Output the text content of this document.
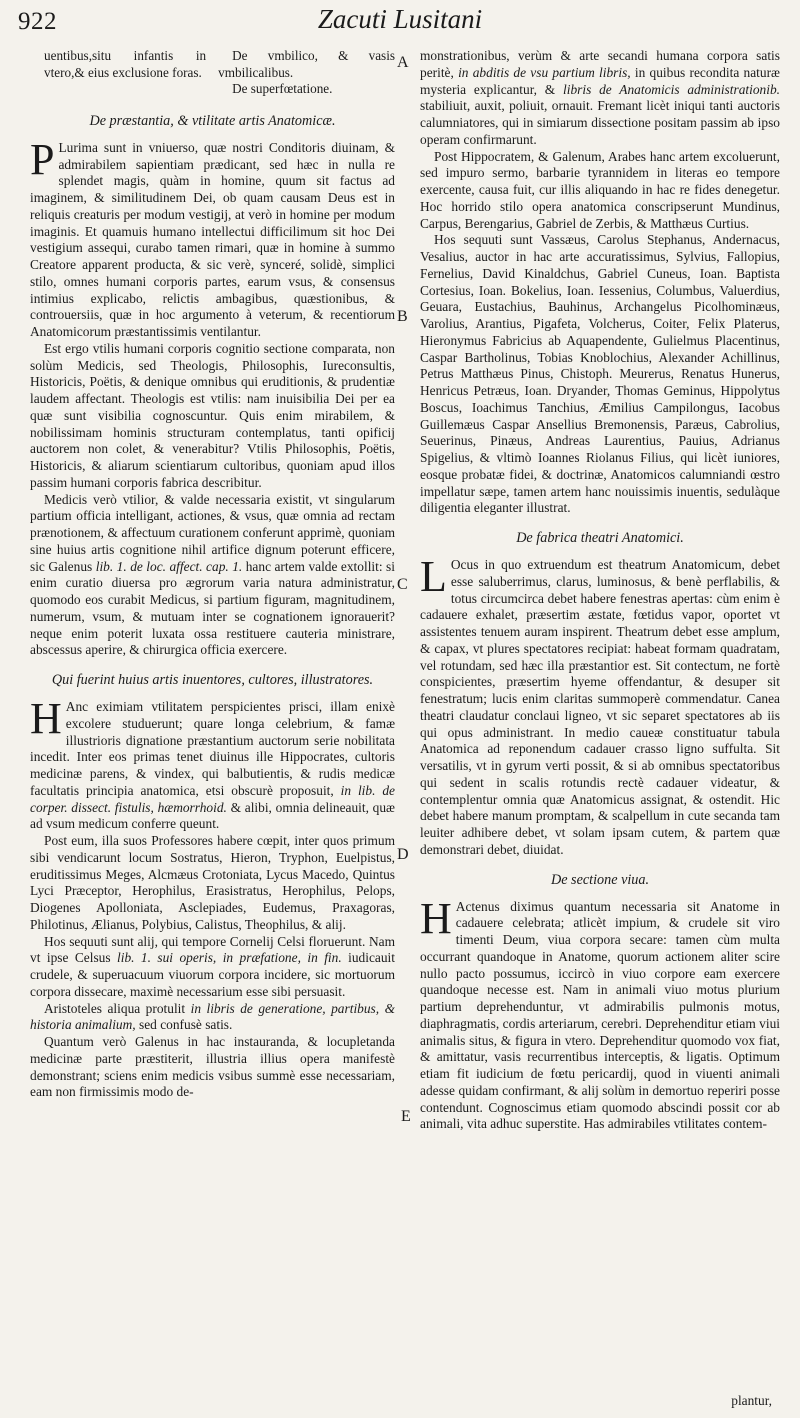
922	Zacuti Lusitani
A
B
C
D
E
uentibus,situ infantis in vtero,& eius exclusione foras.

De vmbilico, & vasis vmbilicalibus.

De superfœtatione.

De præstantia, & vtilitate artis Anatomicæ.

P Lurima sunt in vniuerso, quæ nostri Conditoris diuinam, & admirabilem sapientiam prædicant, sed hæc in nulla re splendet magis, quàm in homine, quum sit factus ad imaginem, & similitudinem Dei, ob quam causam Deus est in reliquis creaturis per modum vestigij, at verò in homine per modum imaginis. Et quamuis humano intellectui difficilimum sit hoc Dei vestigium assequi, curabo tamen rimari, quæ in homine à summo Creatore apparent producta, & sic verè, synceré, solidè, simplici stilo, omnes humani corporis partes, earum vsus, & consensus intimius explicabo, relictis ambagibus, quæstionibus, & controuersiis, quæ in hoc argumento à veterum, & recentiorum Anatomicorum præstantissimis ventilantur.

Est ergo vtilis humani corporis cognitio sectione comparata, non solùm Medicis, sed Theologis, Philosophis, Iureconsultis, Historicis, Poëtis, & denique omnibus qui eruditionis, & prudentiæ laudem affectant. Theologis est vtilis: nam inuisibilia Dei per ea quæ sunt visibilia cognoscuntur. Quis enim mirabilem, & nobilissimam hominis structuram contemplatus, tanti opificij auctorem non colet, & venerabitur? Vtilis Philosophis, Poëtis, Historicis, & aliarum scientiarum cultoribus, quoniam apud illos passim humani corporis fabrica describitur.

Medicis verò vtilior, & valde necessaria existit, vt singularum partium officia intelligant, actiones, & vsus, quæ omnia ad rectam prænotionem, & affectuum curationem conferunt apprimè, quoniam sine huius artis cognitione nihil artifice dignum poterunt efficere, sic Galenus lib. 1. de loc. affect. cap. 1. hanc artem valde extollit: si enim curatio diuersa pro ægrorum varia natura administratur, quomodo eos curabit Medicus, si partium figuram, magnitudinem, numerum, vsum, & mutuam inter se cognationem ignorauerit? neque enim poterit luxata ossa restituere cauteria ministrare, abscessus aperire, & chirurgica officia exercere.

Qui fuerint huius artis inuentores, cultores, illustratores.

H Anc eximiam vtilitatem perspicientes prisci, illam enixè excolere studuerunt; quare longa celebrium, & famæ illustrioris dignatione præstantium auctorum serie nobilitata incedit. Inter eos primas tenet diuinus ille Hippocrates, cultoris medicinæ parens, & vindex, qui balbutientis, & rudis medicæ facultatis principia anatomica, etsi obscurè proposuit, in lib. de corper. dissect. fistulis, hæmorrhoid. & alibi, omnia delineauit, quæ ad vsum medicum conferre queunt.

Post eum, illa suos Professores habere cœpit, inter quos primum sibi vendicarunt locum Sostratus, Hieron, Tryphon, Euelpistus, eruditissimus Meges, Alcmæus Crotoniata, Lycus Macedo, Quintus Lyci Præceptor, Herophilus, Erasistratus, Herophilus, Pelops, Diogenes Apolloniata, Asclepiades, Eudemus, Praxagoras, Philotinus, Ælianus, Polybius, Calistus, Theophilus, & alij.

Hos sequuti sunt alij, qui tempore Cornelij Celsi floruerunt. Nam vt ipse Celsus lib. 1. sui operis, in præfatione, in fin. iudicauit crudele, & superuacuum viuorum corpora incidere, sic mortuorum corpora dissecare, maximè necessarium esse sibi persuasit.

Aristoteles aliqua protulit in libris de generatione, partibus, & historia animalium, sed confusè satis.

Quantum verò Galenus in hac instauranda, & locupletanda medicinæ parte præstiterit, illustria illius opera manifestè demonstrant; sciens enim medicis vsibus summè esse necessariam, eam non firmissimis modo de-

monstrationibus, verùm & arte secandi humana corpora satis peritè, in abditis de vsu partium libris, in quibus recondita naturæ mysteria explicantur, & libris de Anatomicis administrationib. stabiliuit, auxit, poliuit, ornauit. Fremant licèt iniqui tanti auctoris calumniatores, qui in simiarum dissectione positam passim ab ipso operam confirmarunt.

Post Hippocratem, & Galenum, Arabes hanc artem excoluerunt, sed impuro sermo, barbarie tyrannidem in literas eo tempore exercente, causa fuit, cur illis aliquando in hac re fides denegetur. Hoc horrido stilo opera anatomica conscripserunt Mundinus, Carpus, Berengarius, Gabriel de Zerbis, & Matthæus Curtius.

Hos sequuti sunt Vassæus, Carolus Stephanus, Andernacus, Vesalius, auctor in hac arte accuratissimus, Sylvius, Fallopius, Fernelius, David Kinaldchus, Gabriel Cuneus, Ioan. Baptista Cortesius, Ioan. Bokelius, Ioan. Iessenius, Columbus, Valuerdius, Geuara, Eustachius, Bauhinus, Archangelus Picolhominæus, Varolius, Arantius, Pigafeta, Volcherus, Coiter, Felix Platerus, Hieronymus Fabricius ab Aquapendente, Gulielmus Placentinus, Caspar Bartholinus, Tobias Knoblochius, Alexander Achillinus, Petrus Matthæus Pinus, Chistoph. Meurerus, Renatus Hunerus, Henricus Petræus, Ioan. Dryander, Thomas Geminus, Hippolytus Boscus, Ioachimus Tanchius, Æmilius Campilongus, Iacobus Guillemæus Caspar Ansellius Bremonensis, Paræus, Cabrolius, Seuerinus, Pinæus, Andreas Laurentius, Pauius, Adrianus Spigelius, & vltimò Ioannes Riolanus Filius, qui licèt iuniores, eosque probatæ fidei, & doctrinæ, Anatomicos calumniandi œstro impellatur sæpe, tamen artem hanc nouissimis inuentis, sedulàque diligentia eleganter illustrat.

De fabrica theatri Anatomici.

L Ocus in quo extruendum est theatrum Anatomicum, debet esse saluberrimus, clarus, luminosus, & benè perflabilis, & totus circumcirca debet habere fenestras apertas: cùm enim è cadauere exhalet, præsertim æstate, fœtidus vapor, oportet vt assistentes tenuem auram inspirent. Theatrum debet esse amplum, & capax, vt plures spectatores recipiat: habeat formam quadratam, vel rotundam, sed hæc illa præstantior est. Sit contectum, ne fortè conspicientes, præsertim hyeme offendantur, & desuper sit fenestratum; lucis enim claritas summoperè commendatur. Canea theatri claudatur conclaui ligneo, vt sic separet spectatores ab iis qui opus administrant. In medio caueæ constituatur tabula Anatomica ad reponendum cadauer crasso ligno suffulta. Sit versatilis, vt in gyrum verti possit, & si ab omnibus spectatoribus qui sedent in scalis rotundis rectè cadauer videatur, & contemplentur omnia quæ Anatomicus assignat, & ostendit. Hic debet habere manum promptam, & scalpellum in cute secanda tam leuiter adhibere debet, vt solam ipsam cutem, & partem quæ demonstrari debet, diuidat.

De sectione viua.

H Actenus diximus quantum necessaria sit Anatome in cadauere celebrata; atlicèt impium, & crudele sit viro timenti Deum, viua corpora secare: tamen cùm multa occurrant quandoque in Anatome, quorum actionem aliter scire nullo pacto possumus, iccircò in viuo corpore eam exercere quandoque necesse est. Nam in animali viuo motus plurium partium deprehenduntur, vt admirabilis pulmonis motus, diaphragmatis, cordis arteriarum, cerebri. Deprehenditur etiam viui animalis situs, & figura in vtero. Deprehenditur quomodo vox fiat, & amittatur, vasis recurrentibus interceptis, & ligatis. Optimum etiam fit iudicium de fœtu pericardij, quod in viuenti animali adesse quidam confirmant, & alij solùm in demortuo reperiri posse contendunt. Cognoscimus etiam quomodo abscindi possit cor ab animali, vita adhuc superstite. Has admirabiles vtilitates contem-

plantur,
